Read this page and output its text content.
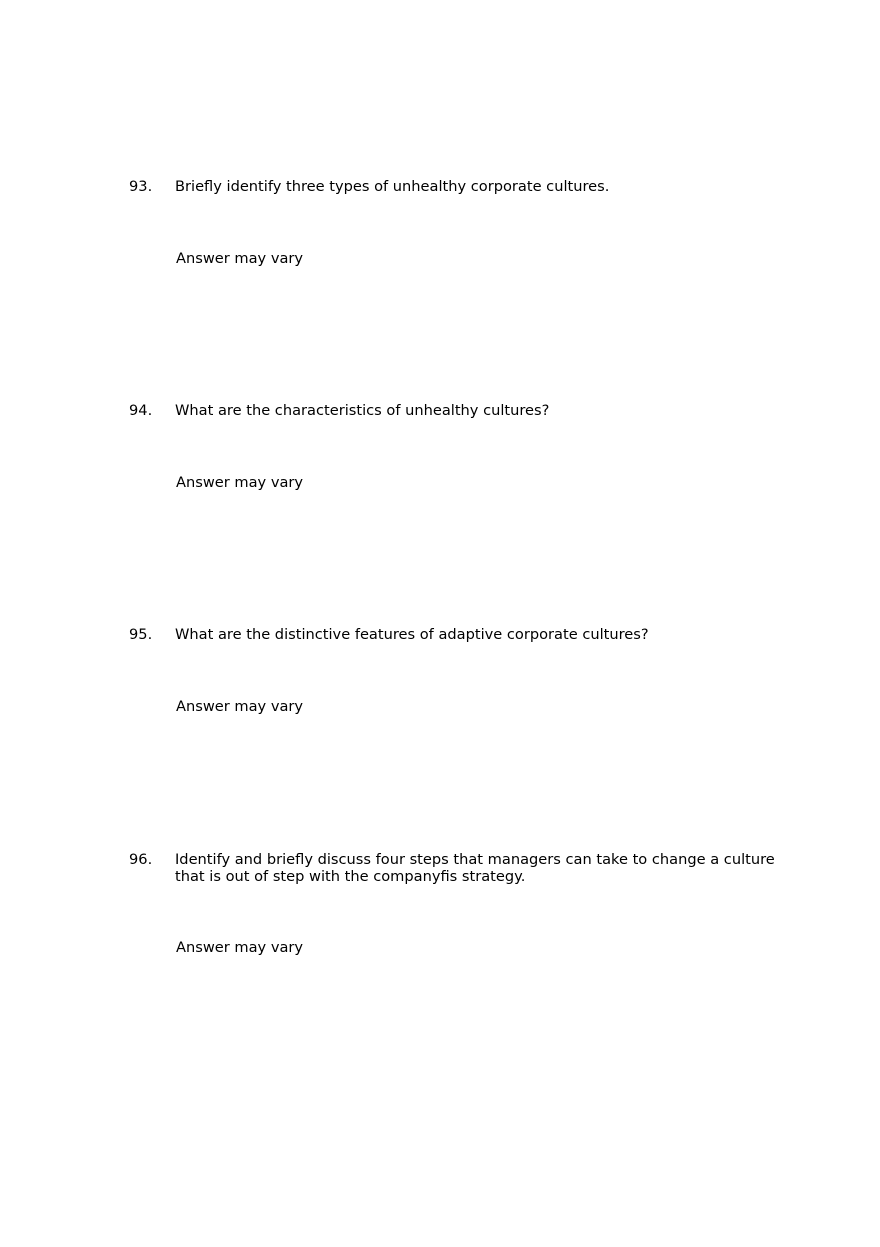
93.	Briefly identify three types of unhealthy corporate cultures.
Answer may vary
94.	What are the characteristics of unhealthy cultures?
Answer may vary
95.	What are the distinctive features of adaptive corporate cultures?
Answer may vary
96.	Identify and briefly discuss four steps that managers can take to change a culture that is out of step with the companyfis strategy.
Answer may vary
